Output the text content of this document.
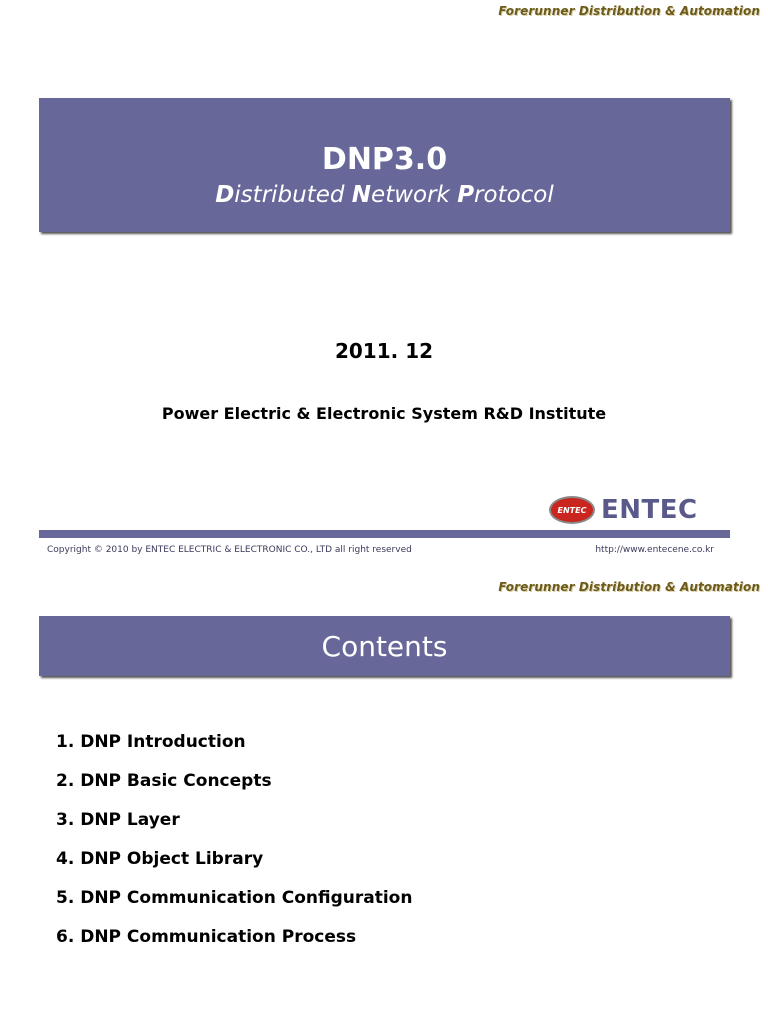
Forerunner Distribution & Automation
DNP3.0
Distributed Network Protocol
2011. 12
Power Electric & Electronic System R&D Institute
ENTEC ENTEC
Copyright © 2010 by ENTEC ELECTRIC & ELECTRONIC CO., LTD all right reserved	http://www.entecene.co.kr
Forerunner Distribution & Automation
Contents
1. DNP Introduction
2. DNP Basic Concepts
3. DNP Layer
4. DNP Object Library
5. DNP Communication Configuration
6. DNP Communication Process
